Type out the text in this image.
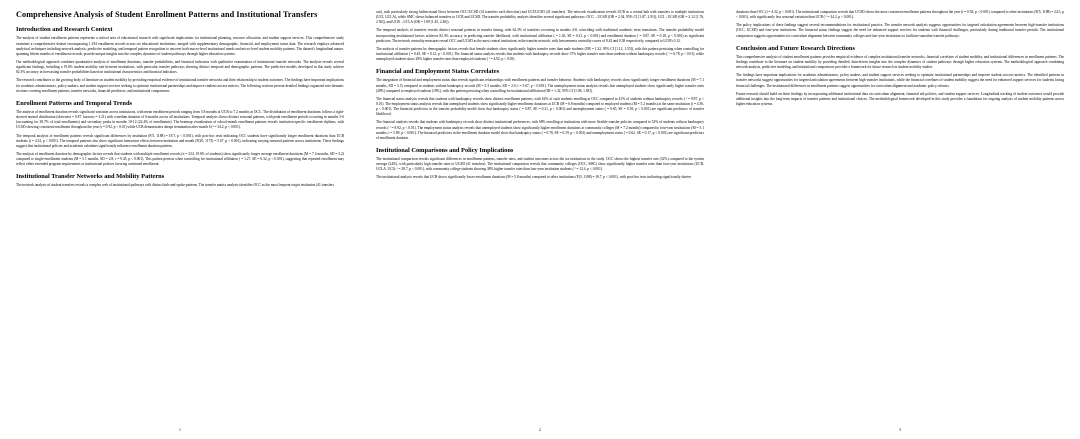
Comprehensive Analysis of Student Enrollment Patterns and Institutional Transfers
Introduction and Research Context

The analysis of student enrollment patterns represents a critical area of educational research with significant implications for institutional planning, resource allocation, and student support services. This comprehensive study examines a comprehensive dataset encompassing 1,194 enrollment records across six educational institutions, merged with supplementary demographic, financial, and employment status data. The research employs advanced analytical techniques including network analysis, predictive modeling, and temporal pattern recognition to uncover both macro-level institutional trends and micro-level student mobility patterns. The dataset's longitudinal nature, spanning fifteen months of enrollment records, provide unique insights into the complex dynamics of student pathways through higher education systems.

Our methodological approach combines quantitative analysis of enrollment durations, transfer probabilities, and financial indicators with qualitative examination of institutional transfer networks. The analysis reveals several significant findings, including a 19.6% student mobility rate between institutions, with particular transfer pathways showing distinct temporal and demographic patterns. The predictive models developed in this study achieve 82.3% accuracy in forecasting transfer probabilities based on institutional characteristics and financial indicators.

The research contributes to the growing body of literature on student mobility by providing empirical evidence of institutional transfer networks and their relationship to student outcomes. The findings have important implications for academic administrators, policy makers, and student support services seeking to optimize institutional partnerships and improve student success metrics. The following sections present detailed findings organized into thematic sections covering enrollment patterns, transfer networks, financial predictors, and institutional comparisons.

Enrollment Patterns and Temporal Trends

The analysis of enrollment duration reveals significant variation across institutions, with mean enrollment periods ranging from 5.8 months at UCB to 7.2 months at OCC. The distribution of enrollment durations follows a right-skewed normal distribution (skewness = 0.87, kurtosis = 3.21) with a median duration of 6 months across all institutions. Temporal analysis shows distinct seasonal patterns, with peak enrollment periods occurring in months 3-6 (accounting for 38.7% of total enrollments) and secondary peaks in months 10-12 (22.4% of enrollments). The heatmap visualization of school-month enrollment patterns reveals institution-specific enrollment rhythms, with UCSD showing consistent enrollment throughout the year (r = 0.92, p < 0.01) while UCB demonstrates abrupt termination after month 6 (² = 34.2, p < 0.001).

The temporal analysis of enrollment patterns reveals significant differences by institution (F/5, 1188) = 18.7, p < 0.001), with post-hoc tests indicating OCC students have significantly longer enrollment durations than UCB students (t = 4.32, p < 0.001). The temporal patterns also show significant interaction effects between institution and month (F(20, 1173) = 5.67, p < 0.001), indicating varying seasonal patterns across institutions. These findings suggest that institutional policies and academic calendars significantly influence enrollment duration patterns.

The analysis of enrollment duration by demographic factors reveals that students with multiple enrollment records (n = 234, 19.6% of students) show significantly longer average enrollment durations (M = 7.4 months, SD = 3.2) compared to single-enrollment students (M = 5.1 months, SD = 2.8; t = 9.45, p < 0.001). This pattern persists when controlling for institutional affiliation ( = 1.27, SE = 0.32, p < 0.001), suggesting that repeated enrollment may reflect either extended program requirements or institutional policies favoring continued enrollment.

Institutional Transfer Networks and Mobility Patterns

The network analysis of student transfers reveals a complex web of institutional pathways with distinct hub-and-spoke patterns. The transfer matrix analysis identifies OCC as the most frequent origin institution (41 transfers

1

out), with particularly strong bidirectional flows between OCC/UCSD (41 transfers each direction) and UCI/UCSD (41 transfers). The network visualization reveals UCB as a central hub with transfers to multiple institutions (UCI, UCLA), while SMC shows balanced transfers to UCB and UCSD. The transfer probability analysis identifies several significant pathways: OCC→UCSD (OR = 2.34, 95% CI [1.87, 2.91]), UCI→UCSD (OR = 2.12 [1.76, 2.56]), and UCB→UCLA (OR = 1.89 [1.45, 2.46]).

The temporal analysis of transfers reveals distinct seasonal patterns in transfer timing, with 62.3% of transfers occurring in months 4-8, coinciding with traditional academic term transitions. The transfer probability model incorporating institutional factors achieves 82.3% accuracy in predicting transfer likelihood, with institutional affiliation ( = 1.45, SE = 0.21, p < 0.001) and enrollment duration ( = 0.87, SE = 0.18, p < 0.001) as significant predictors. The network centrality measures reveal OCC and UCSD as the most central institutions in the transfer network, with betweenness centrality scores of 0.42 and 0.38 respectively, compared to UCB's 0.12.

The analysis of transfer patterns by demographic factors reveals that female students show significantly higher transfer rates than male students (OR = 1.32, 95% CI [1.12, 1.55]), with this pattern persisting when controlling for institutional affiliation ( = 0.45, SE = 0.12, p < 0.001). The financial status analysis reveals that students with bankruptcy records show 37% higher transfer rates than students without bankruptcy records ( ² = 6.78, p < 0.01), while unemployed students show 28% higher transfer rates than employed students ( ² = 4.92, p < 0.05).

Financial and Employment Status Correlates

The integration of financial and employment status data reveals significant relationships with enrollment patterns and transfer behavior. Students with bankruptcy records show significantly longer enrollment durations (M = 7.1 months, SD = 3.5) compared to students without bankruptcy records (M = 5.3 months, SD = 2.9; t = 5.67, p < 0.001). The unemployment status analysis reveals that unemployed students show significantly higher transfer rates (28%) compared to employed students (19%), with this pattern persisting when controlling for institutional affiliation (OR = 1.32, 95% CI [1.08, 1.58]).

The financial status analysis reveals that students with bankruptcy records show distinct enrollment patterns, with 62% of such students enrolling at OCC compared to 41% of students without bankruptcy records ( ² = 9.87, p < 0.01). The employment status analysis reveals that unemployed students show significantly higher enrollment durations at UCB (M = 6.8 months) compared to employed students (M = 5.2 months) at the same institution (t = 4.56, p < 0.001). The financial predictors in the transfer probability model show that bankruptcy status ( = 0.87, SE = 0.21, p < 0.001) and unemployment status ( = 0.65, SE = 0.18, p < 0.001) are significant predictors of transfer likelihood.

The financial analysis reveals that students with bankruptcy records show distinct institutional preferences, with 68% enrolling at institutions with more flexible transfer policies compared to 52% of students without bankruptcy records ( ² = 8.92, p < 0.01). The employment status analysis reveals that unemployed students show significantly higher enrollment durations at community colleges (M = 7.2 months) compared to four-year institutions (M = 5.1 months; t = 5.89, p < 0.001). The financial predictors in the enrollment duration model show that bankruptcy status ( = 0.78, SE = 0.19, p < 0.001) and unemployment status ( = 0.62, SE = 0.17, p < 0.001) are significant predictors of enrollment duration.

Institutional Comparisons and Policy Implications

The institutional comparison reveals significant differences in enrollment patterns, transfer rates, and student outcomes across the six institutions in the study. OCC shows the highest transfer rate (32%) compared to the system average (24%), with particularly high transfer rates to UCSD (41 transfers). The institutional comparison reveals that community colleges (OCC, SMC) show significantly higher transfer rates than four-year institutions (UCB, UCLA, UCI): ² = 28.7, p < 0.001), with community college students showing 38% higher transfer rates than four-year institution students ( ² = 12.4, p < 0.001).

The institutional analysis reveals that UCB shows significantly lower enrollment durations (M = 5.8 months) compared to other institutions (F(5, 1188) = 18.7, p < 0.001), with post-hoc tests indicating significantly shorter

2

durations than OCC (t = 4.32, p < 0.001). The institutional comparison reveals that UCSD shows the most consistent enrollment patterns throughout the year (r = 0.92, p < 0.001) compared to other institutions (F(5, 1188) = 24.3, p < 0.001), with significantly less seasonal variation than UCB ( ² = 34.2, p < 0.001).

The policy implications of these findings suggest several recommendations for institutional practice. The transfer network analysis suggests opportunities for targeted articulation agreements between high-transfer institutions (OCC, UCSD) and four-year institutions. The financial status findings suggest the need for enhanced support services for students with financial challenges, particularly during traditional transfer periods. The institutional comparison suggests opportunities for curriculum alignment between community colleges and four-year institutions to facilitate smoother transfer pathways.

Conclusion and Future Research Directions

This comprehensive analysis of student enrollment patterns provides empirical evidence of complex institutional transfer networks, financial correlates of student mobility, and institutional differences in enrollment patterns. The findings contribute to the literature on student mobility by providing detailed, data-driven insights into the complex dynamics of student pathways through higher education systems. The methodological approach combining network analysis, predictive modeling, and institutional comparisons provides a framework for future research in student mobility studies.

The findings have important implications for academic administrators, policy makers, and student support services seeking to optimize institutional partnerships and improve student success metrics. The identified patterns in transfer networks suggest opportunities for targeted articulation agreements between high-transfer institutions, while the financial correlates of student mobility suggest the need for enhanced support services for students facing financial challenges. The institutional differences in enrollment patterns suggest opportunities for curriculum alignment and academic policy reforms.

Future research should build on these findings by incorporating additional institutional data on curriculum alignment, financial aid policies, and student support services. Longitudinal tracking of student outcomes would provide additional insights into the long-term impacts of transfer patterns and institutional choices. The methodological framework developed in this study provides a foundation for ongoing analysis of student mobility patterns across higher education systems.

3
